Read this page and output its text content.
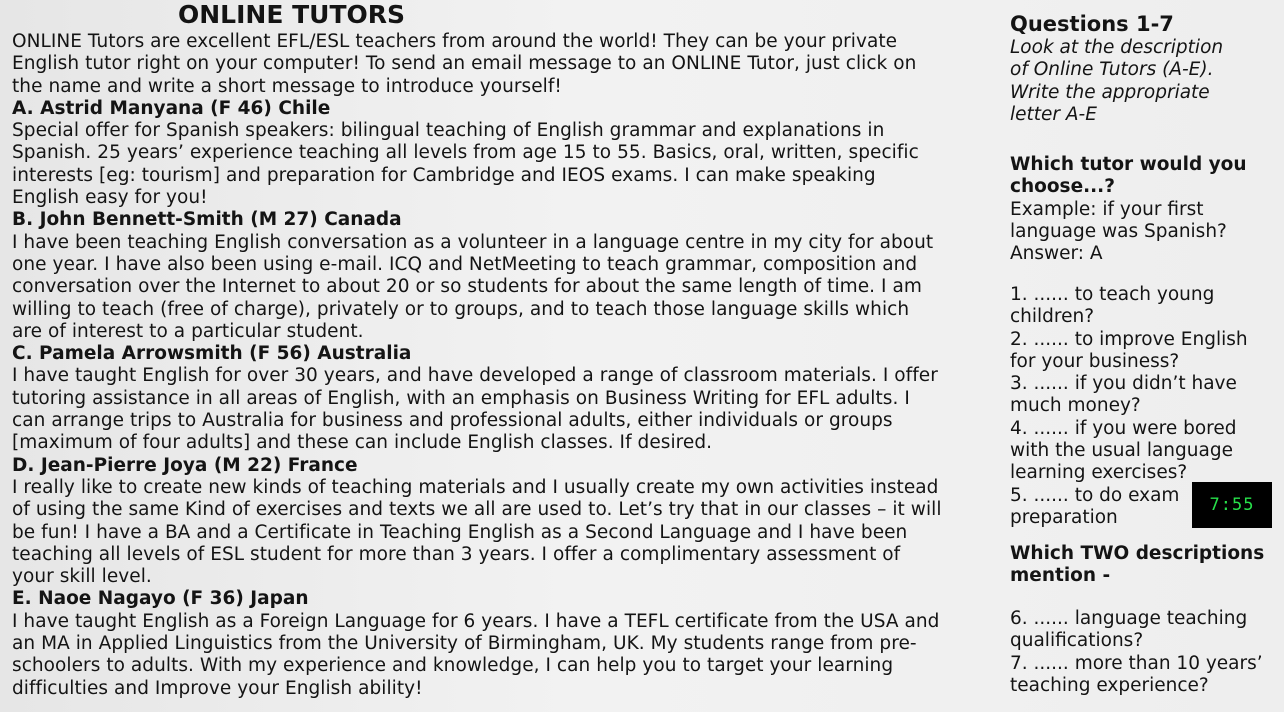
ONLINE TUTORS
ONLINE Tutors are excellent EFL/ESL teachers from around the world! They can be your private
English tutor right on your computer! To send an email message to an ONLINE Tutor, just click on
the name and write a short message to introduce yourself!
A. Astrid Manyana (F 46) Chile
Special offer for Spanish speakers: bilingual teaching of English grammar and explanations in
Spanish. 25 years’ experience teaching all levels from age 15 to 55. Basics, oral, written, specific
interests [eg: tourism] and preparation for Cambridge and IEOS exams. I can make speaking
English easy for you!
B. John Bennett-Smith (M 27) Canada
I have been teaching English conversation as a volunteer in a language centre in my city for about
one year. I have also been using e-mail. ICQ and NetMeeting to teach grammar, composition and
conversation over the Internet to about 20 or so students for about the same length of time. I am
willing to teach (free of charge), privately or to groups, and to teach those language skills which
are of interest to a particular student.
C. Pamela Arrowsmith (F 56) Australia
I have taught English for over 30 years, and have developed a range of classroom materials. I offer
tutoring assistance in all areas of English, with an emphasis on Business Writing for EFL adults. I
can arrange trips to Australia for business and professional adults, either individuals or groups
[maximum of four adults] and these can include English classes. If desired.
D. Jean-Pierre Joya (M 22) France
I really like to create new kinds of teaching materials and I usually create my own activities instead
of using the same Kind of exercises and texts we all are used to. Let’s try that in our classes – it will
be fun! I have a BA and a Certificate in Teaching English as a Second Language and I have been
teaching all levels of ESL student for more than 3 years. I offer a complimentary assessment of
your skill level.
E. Naoe Nagayo (F 36) Japan
I have taught English as a Foreign Language for 6 years. I have a TEFL certificate from the USA and
an MA in Applied Linguistics from the University of Birmingham, UK. My students range from pre-
schoolers to adults. With my experience and knowledge, I can help you to target your learning
difficulties and Improve your English ability!
Questions 1-7
Look at the description
of Online Tutors (A-E).
Write the appropriate
letter A-E
Which tutor would you
choose...?
Example: if your first
language was Spanish?
Answer: A
1. ...... to teach young
children?
2. ...... to improve English
for your business?
3. ...... if you didn’t have
much money?
4. ...... if you were bored
with the usual language
learning exercises?
5. ...... to do exam
preparation
Which TWO descriptions
mention -
6. ...... language teaching
qualifications?
7. ...... more than 10 years’
teaching experience?
7:55
